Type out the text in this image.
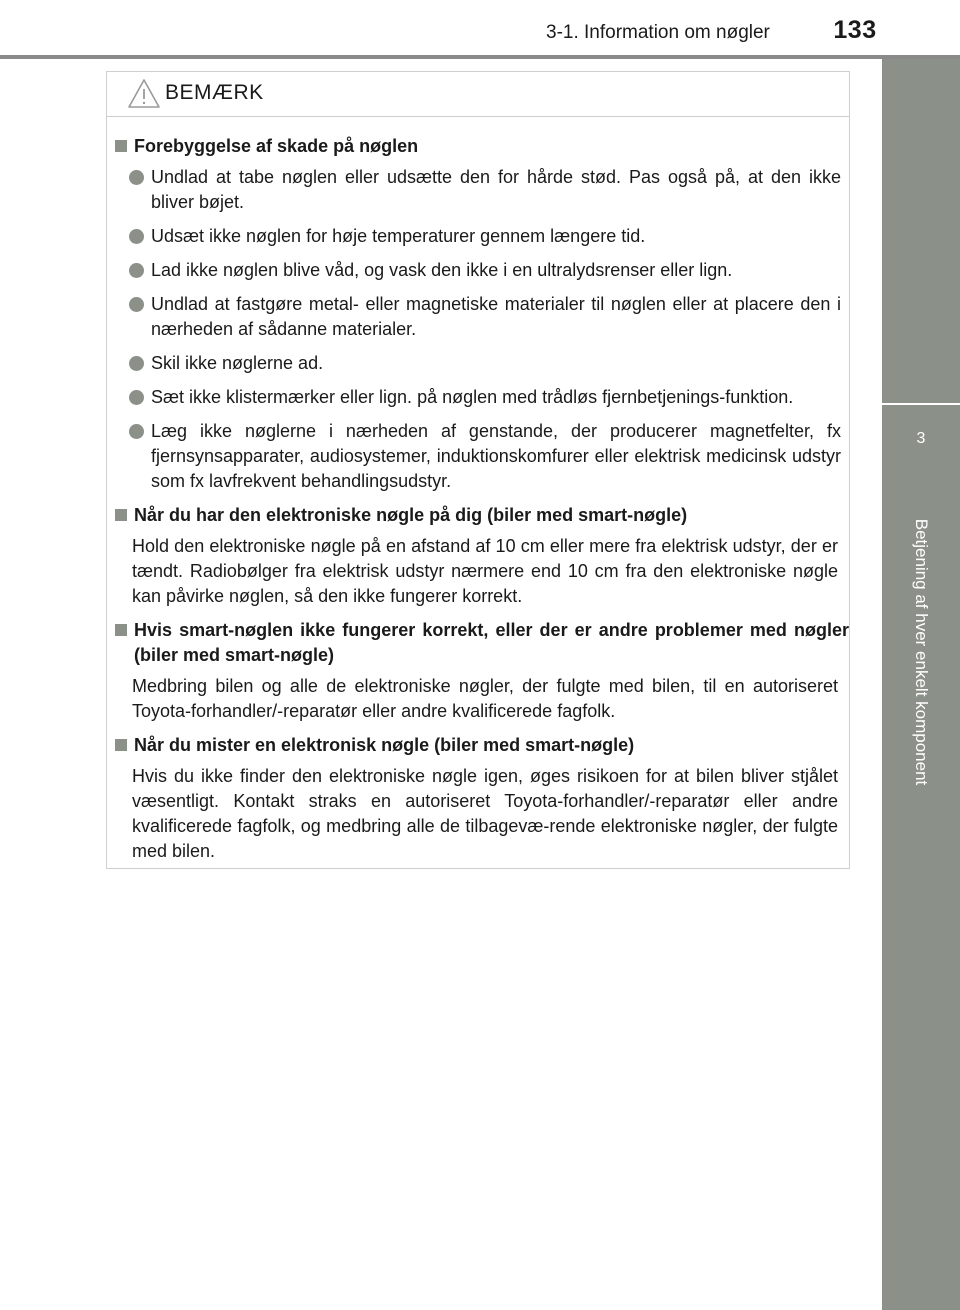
3-1. Information om nøgler	133
3
Betjening af hver enkelt komponent
BEMÆRK
Forebyggelse af skade på nøglen
Undlad at tabe nøglen eller udsætte den for hårde stød. Pas også på, at den ikke bliver bøjet.
Udsæt ikke nøglen for høje temperaturer gennem længere tid.
Lad ikke nøglen blive våd, og vask den ikke i en ultralydsrenser eller lign.
Undlad at fastgøre metal- eller magnetiske materialer til nøglen eller at placere den i nærheden af sådanne materialer.
Skil ikke nøglerne ad.
Sæt ikke klistermærker eller lign. på nøglen med trådløs fjernbetjenings-funktion.
Læg ikke nøglerne i nærheden af genstande, der producerer magnetfelter, fx fjernsynsapparater, audiosystemer, induktionskomfurer eller elektrisk medicinsk udstyr som fx lavfrekvent behandlingsudstyr.
Når du har den elektroniske nøgle på dig (biler med smart-nøgle)
Hold den elektroniske nøgle på en afstand af 10 cm eller mere fra elektrisk udstyr, der er tændt. Radiobølger fra elektrisk udstyr nærmere end 10 cm fra den elektroniske nøgle kan påvirke nøglen, så den ikke fungerer korrekt.
Hvis smart-nøglen ikke fungerer korrekt, eller der er andre problemer med nøgler (biler med smart-nøgle)
Medbring bilen og alle de elektroniske nøgler, der fulgte med bilen, til en autoriseret Toyota-forhandler/-reparatør eller andre kvalificerede fagfolk.
Når du mister en elektronisk nøgle (biler med smart-nøgle)
Hvis du ikke finder den elektroniske nøgle igen, øges risikoen for at bilen bliver stjålet væsentligt. Kontakt straks en autoriseret Toyota-forhandler/-reparatør eller andre kvalificerede fagfolk, og medbring alle de tilbagevæ-rende elektroniske nøgler, der fulgte med bilen.
